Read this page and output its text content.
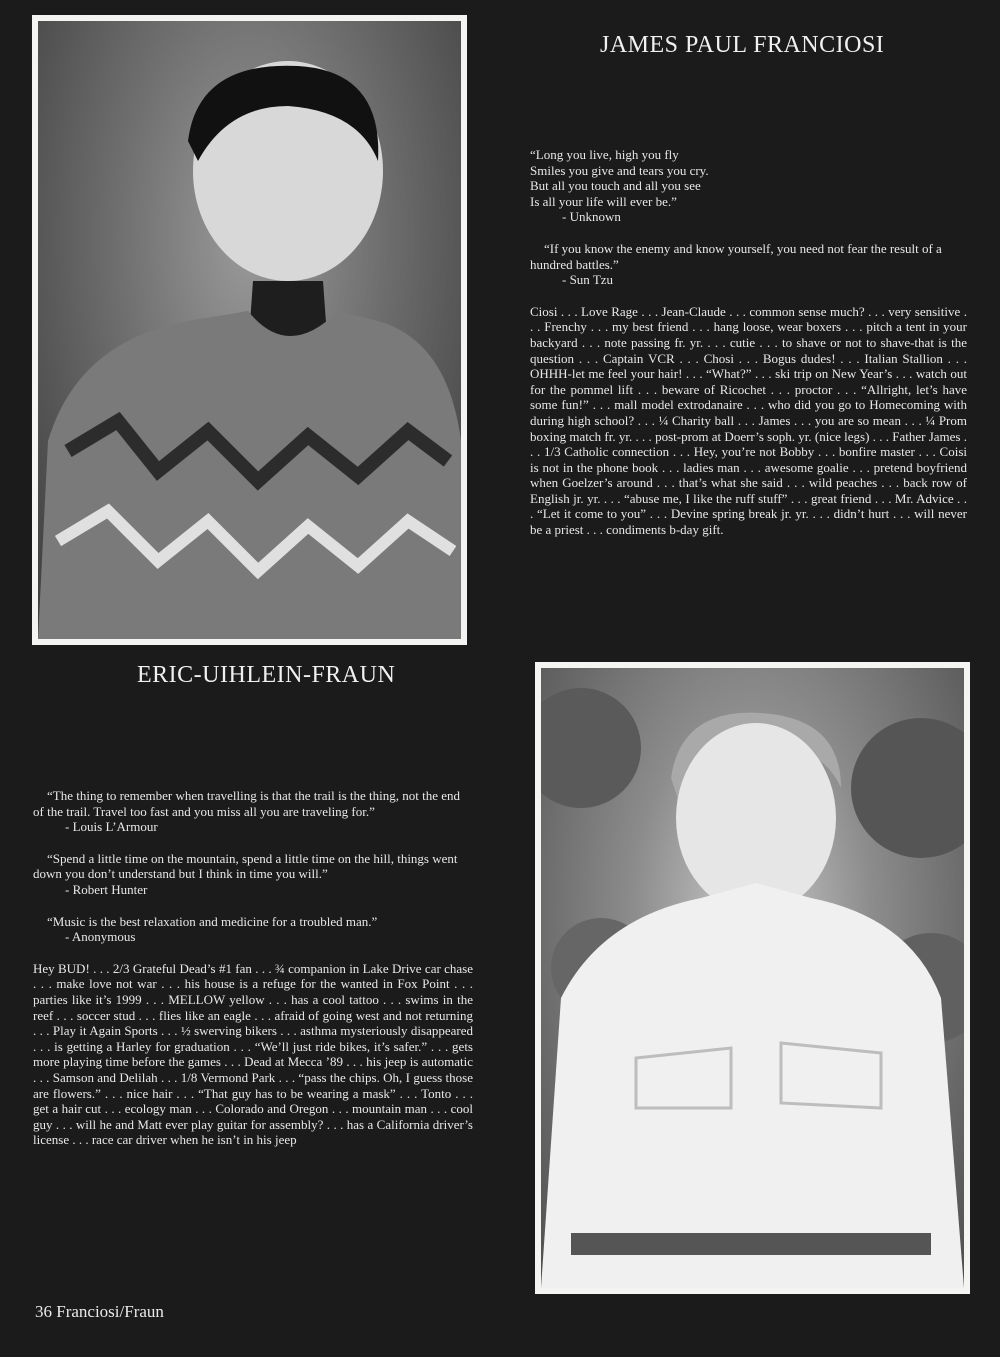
JAMES PAUL FRANCIOSI

“Long you live, high you fly
Smiles you give and tears you cry.
But all you touch and all you see
Is all your life will ever be.”
- Unknown

“If you know the enemy and know yourself, you need not fear the result of a hundred battles.”
- Sun Tzu

Ciosi . . . Love Rage . . . Jean-Claude . . . common sense much? . . . very sensitive . . . Frenchy . . . my best friend . . . hang loose, wear boxers . . . pitch a tent in your backyard . . . note passing fr. yr. . . . cutie . . . to shave or not to shave-that is the question . . . Captain VCR . . . Chosi . . . Bogus dudes! . . . Italian Stallion . . . OHHH-let me feel your hair! . . . “What?” . . . ski trip on New Year’s . . . watch out for the pommel lift . . . beware of Ricochet . . . proctor . . . “Allright, let’s have some fun!” . . . mall model extrodanaire . . . who did you go to Homecoming with during high school? . . . ¼ Charity ball . . . James . . . you are so mean . . . ¼ Prom boxing match fr. yr. . . . post-prom at Doerr’s soph. yr. (nice legs) . . . Father James . . . 1/3 Catholic connection . . . Hey, you’re not Bobby . . . bonfire master . . . Coisi is not in the phone book . . . ladies man . . . awesome goalie . . . pretend boyfriend when Goelzer’s around . . . that’s what she said . . . wild peaches . . . back row of English jr. yr. . . . “abuse me, I like the ruff stuff” . . . great friend . . . Mr. Advice . . . “Let it come to you” . . . Devine spring break jr. yr. . . . didn’t hurt . . . will never be a priest . . . condiments b-day gift.

ERIC-UIHLEIN-FRAUN

“The thing to remember when travelling is that the trail is the thing, not the end of the trail. Travel too fast and you miss all you are traveling for.”
- Louis L’Armour

“Spend a little time on the mountain, spend a little time on the hill, things went down you don’t understand but I think in time you will.”
- Robert Hunter

“Music is the best relaxation and medicine for a troubled man.”
- Anonymous

Hey BUD! . . . 2/3 Grateful Dead’s #1 fan . . . ¾ companion in Lake Drive car chase . . . make love not war . . . his house is a refuge for the wanted in Fox Point . . . parties like it’s 1999 . . . MELLOW yellow . . . has a cool tattoo . . . swims in the reef . . . soccer stud . . . flies like an eagle . . . afraid of going west and not returning . . . Play it Again Sports . . . ½ swerving bikers . . . asthma mysteriously disappeared . . . is getting a Harley for graduation . . . “We’ll just ride bikes, it’s safer.” . . . gets more playing time before the games . . . Dead at Mecca ’89 . . . his jeep is automatic . . . Samson and Delilah . . . 1/8 Vermond Park . . . “pass the chips. Oh, I guess those are flowers.” . . . nice hair . . . “That guy has to be wearing a mask” . . . Tonto . . . get a hair cut . . . ecology man . . . Colorado and Oregon . . . mountain man . . . cool guy . . . will he and Matt ever play guitar for assembly? . . . has a California driver’s license . . . race car driver when he isn’t in his jeep

36 Franciosi/Fraun
